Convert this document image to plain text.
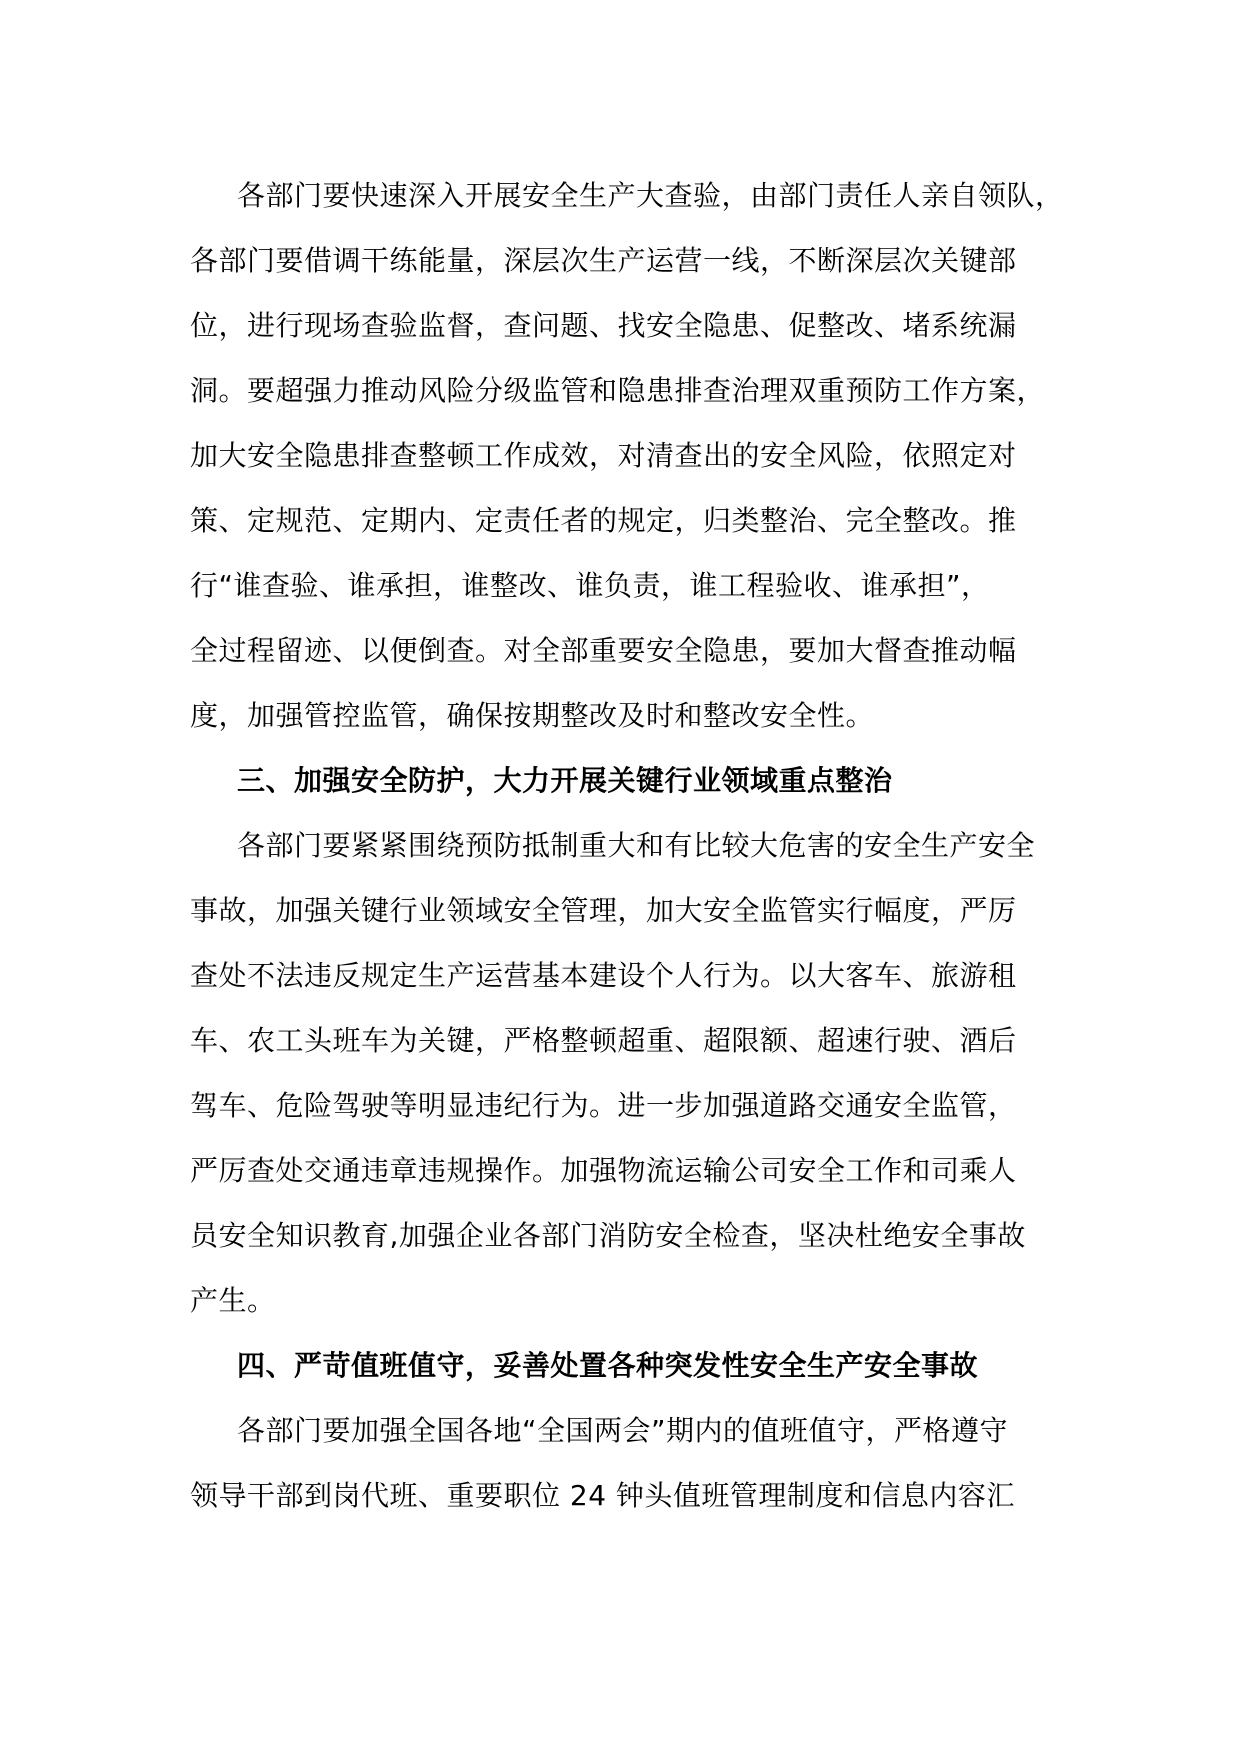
各部门要快速深入开展安全生产大查验，由部门责任人亲自领队，
各部门要借调干练能量，深层次生产运营一线，不断深层次关键部
位，进行现场查验监督，查问题、找安全隐患、促整改、堵系统漏
洞。要超强力推动风险分级监管和隐患排查治理双重预防工作方案，
加大安全隐患排查整顿工作成效，对清查出的安全风险，依照定对
策、定规范、定期内、定责任者的规定，归类整治、完全整改。推
行“谁查验、谁承担，谁整改、谁负责，谁工程验收、谁承担”，
全过程留迹、以便倒查。对全部重要安全隐患，要加大督查推动幅
度，加强管控监管，确保按期整改及时和整改安全性。
三、加强安全防护，大力开展关键行业领域重点整治
各部门要紧紧围绕预防抵制重大和有比较大危害的安全生产安全
事故，加强关键行业领域安全管理，加大安全监管实行幅度，严厉
查处不法违反规定生产运营基本建设个人行为。以大客车、旅游租
车、农工头班车为关键，严格整顿超重、超限额、超速行驶、酒后
驾车、危险驾驶等明显违纪行为。进一步加强道路交通安全监管，
严厉查处交通违章违规操作。加强物流运输公司安全工作和司乘人
员安全知识教育,加强企业各部门消防安全检查，坚决杜绝安全事故
产生。
四、严苛值班值守，妥善处置各种突发性安全生产安全事故
各部门要加强全国各地“全国两会”期内的值班值守，严格遵守
领导干部到岗代班、重要职位 24 钟头值班管理制度和信息内容汇
